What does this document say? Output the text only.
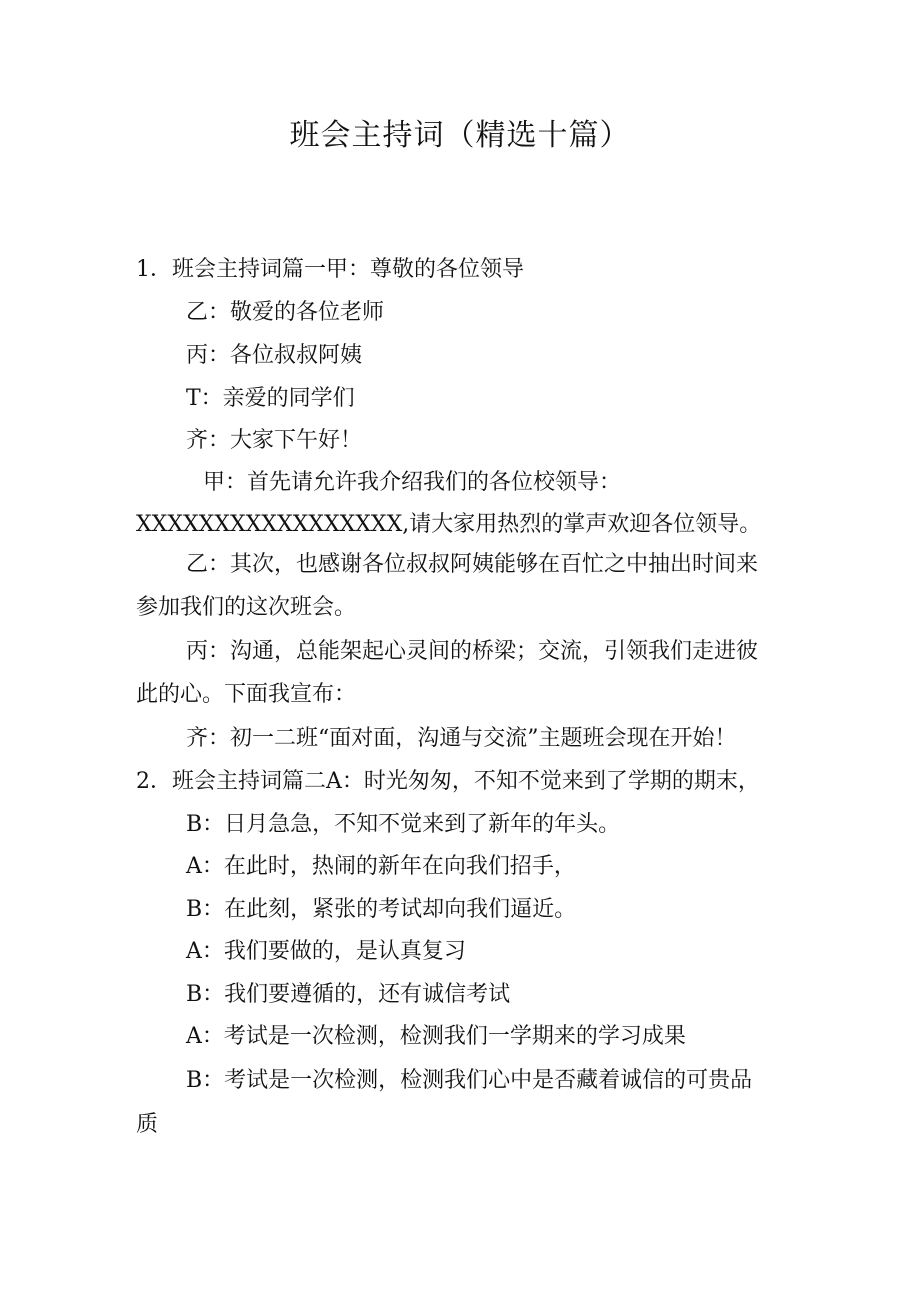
班会主持词（精选十篇）
1．班会主持词篇一甲：尊敬的各位领导
乙：敬爱的各位老师
丙：各位叔叔阿姨
T：亲爱的同学们
齐：大家下午好！
甲：首先请允许我介绍我们的各位校领导：
XXXXXXXXXXXXXXXXX,请大家用热烈的掌声欢迎各位领导。
乙：其次，也感谢各位叔叔阿姨能够在百忙之中抽出时间来
参加我们的这次班会。
丙：沟通，总能架起心灵间的桥梁；交流，引领我们走进彼
此的心。下面我宣布：
齐：初一二班“面对面，沟通与交流”主题班会现在开始！
2．班会主持词篇二A：时光匆匆，不知不觉来到了学期的期末，
B：日月急急，不知不觉来到了新年的年头。
A：在此时，热闹的新年在向我们招手，
B：在此刻，紧张的考试却向我们逼近。
A：我们要做的，是认真复习
B：我们要遵循的，还有诚信考试
A：考试是一次检测，检测我们一学期来的学习成果
B：考试是一次检测，检测我们心中是否藏着诚信的可贵品
质
